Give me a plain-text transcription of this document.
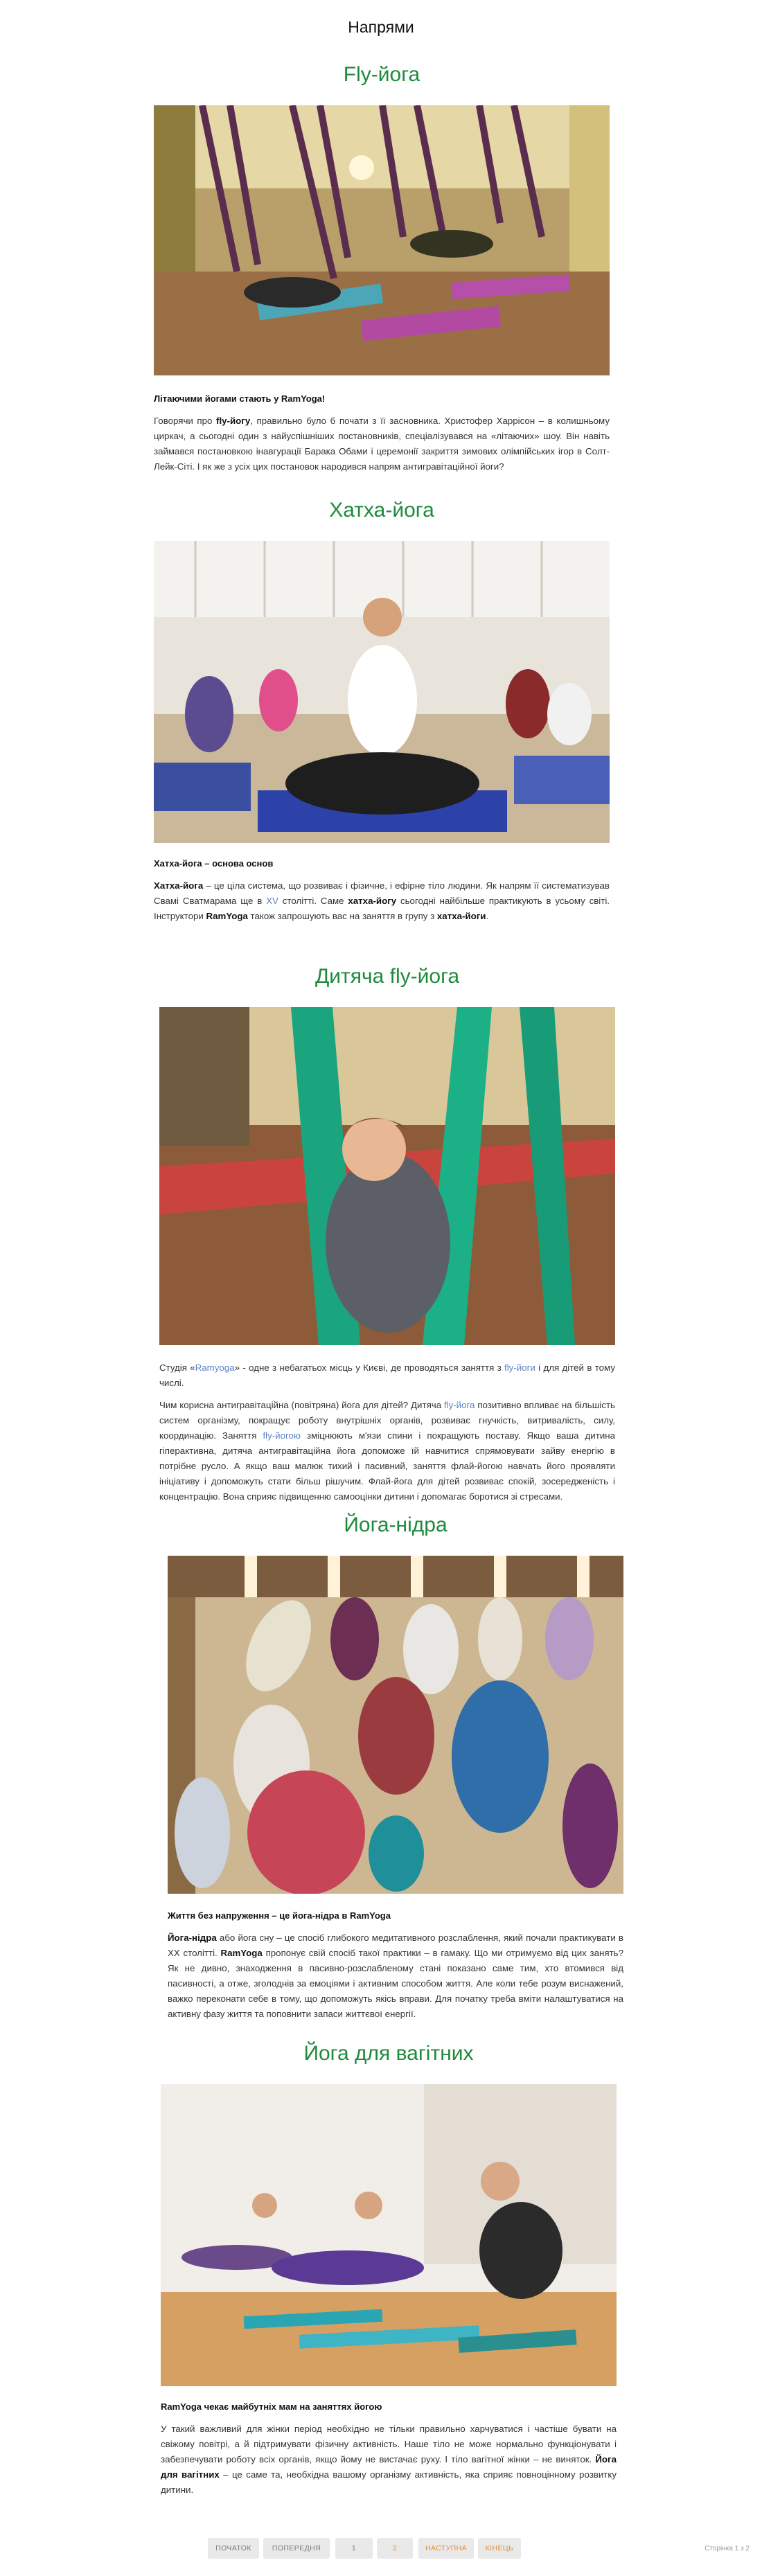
Напрями
Fly-йога

Літаючими йогами стають у RamYoga!

Говорячи про fly-йогу, правильно було б почати з її засновника. Христофер Харрісон – в колишньому циркач, а сьогодні один з найуспішніших постановників, спеціалізувався на «літаючих» шоу. Він навіть займався постановкою інавгурації Барака Обами і церемонії закриття зимових олімпійських ігор в Солт-Лейк-Сіті. І як же з усіх цих постановок народився напрям антигравітаційної йоги?

Хатха-йога

Хатха-йога – основа основ

Хатха-йога – це ціла система, що розвиває і фізичне, і ефірне тіло людини. Як напрям її систематизував Свамі Сватмарама ще в XV столітті. Саме хатха-йогу сьогодні найбільше практикують в усьому світі. Інструктори RamYoga також запрошують вас на заняття в групу з хатха-йоги.

Дитяча fly-йога

Студія «Ramyoga» - одне з небагатьох місць у Києві, де проводяться заняття з fly-йоги і для дітей в тому числі.

Чим корисна антигравітаційна (повітряна) йога для дітей? Дитяча fly-йога позитивно впливає на більшість систем організму, покращує роботу внутрішніх органів, розвиває гнучкість, витривалість, силу, координацію. Заняття fly-йогою зміцнюють м'язи спини і покращують поставу. Якщо ваша дитина гіперактивна, дитяча антигравітаційна йога допоможе їй навчитися спрямовувати зайву енергію в потрібне русло. А якщо ваш малюк тихий і пасивний, заняття флай-йогою навчать його проявляти ініціативу і допоможуть стати більш рішучим. Флай-йога для дітей розвиває спокій, зосередженість і концентрацію. Вона сприяє підвищенню самооцінки дитини і допомагає боротися зі стресами.

Йога-нідра

Життя без напруження – це йога-нідра в RamYoga

Йога-нідра або йога сну – це спосіб глибокого медитативного розслаблення, який почали практикувати в XX столітті. RamYoga пропонує свій спосіб такої практики – в гамаку. Що ми отримуємо від цих занять? Як не дивно, знаходження в пасивно-розслабленому стані показано саме тим, хто втомився від пасивності, а отже, зголоднів за емоціями і активним способом життя. Але коли тебе розум виснажений, важко переконати себе в тому, що допоможуть якісь вправи. Для початку треба вміти налаштуватися на активну фазу життя та поповнити запаси життєвої енергії.

Йога для вагітних

RamYoga чекає майбутніх мам на заняттях йогою

У такий важливий для жінки період необхідно не тільки правильно харчуватися і частіше бувати на свіжому повітрі, а й підтримувати фізичну активність. Наше тіло не може нормально функціонувати і забезпечувати роботу всіх органів, якщо йому не вистачає руху. І тіло вагітної жінки – не виняток. Йога для вагітних – це саме та, необхідна вашому організму активність, яка сприяє повноцінному розвитку дитини.

ПОЧАТОК	ПОПЕРЕДНЯ	1	2	НАСТУПНА	КІНЕЦЬ	Сторінка 1 з 2
